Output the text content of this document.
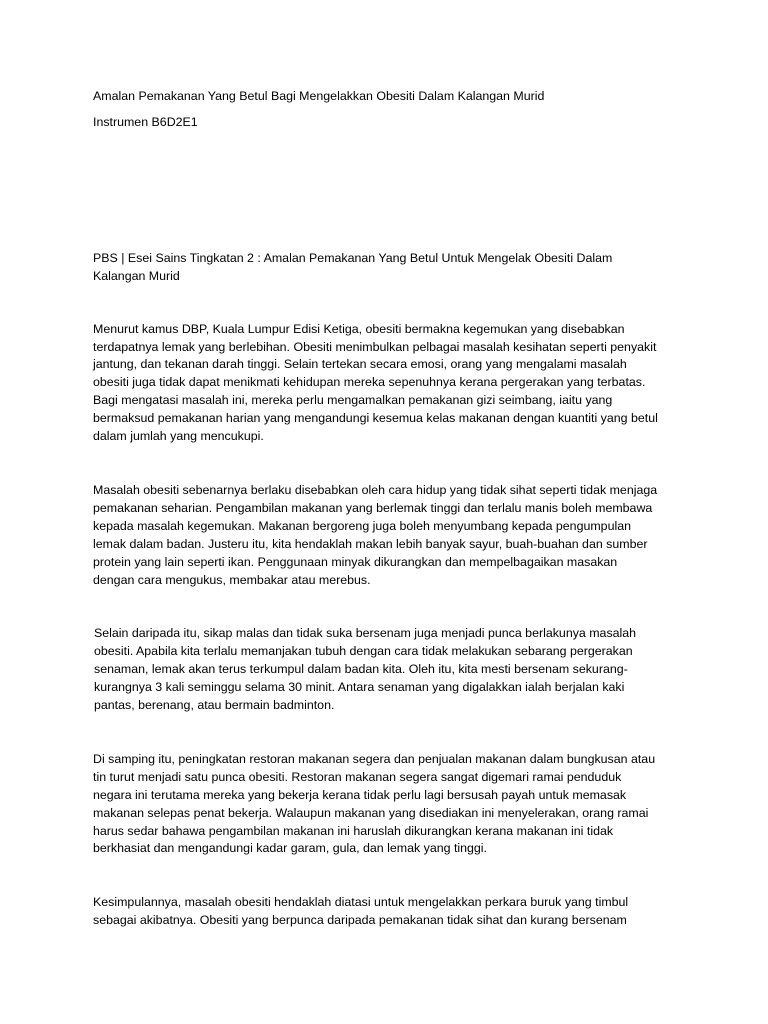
Amalan Pemakanan Yang Betul Bagi Mengelakkan Obesiti Dalam Kalangan Murid

Instrumen B6D2E1

PBS | Esei Sains Tingkatan 2 : Amalan Pemakanan Yang Betul Untuk Mengelak Obesiti Dalam Kalangan Murid

Menurut kamus DBP, Kuala Lumpur Edisi Ketiga, obesiti bermakna kegemukan yang disebabkan terdapatnya lemak yang berlebihan. Obesiti menimbulkan pelbagai masalah kesihatan seperti penyakit jantung, dan tekanan darah tinggi. Selain tertekan secara emosi, orang yang mengalami masalah obesiti juga tidak dapat menikmati kehidupan mereka sepenuhnya kerana pergerakan yang terbatas. Bagi mengatasi masalah ini, mereka perlu mengamalkan pemakanan gizi seimbang, iaitu yang bermaksud pemakanan harian yang mengandungi kesemua kelas makanan dengan kuantiti yang betul dalam jumlah yang mencukupi.

Masalah obesiti sebenarnya berlaku disebabkan oleh cara hidup yang tidak sihat seperti tidak menjaga pemakanan seharian. Pengambilan makanan yang berlemak tinggi dan terlalu manis boleh membawa kepada masalah kegemukan. Makanan bergoreng juga boleh menyumbang kepada pengumpulan lemak dalam badan. Justeru itu, kita hendaklah makan lebih banyak sayur, buah-buahan dan sumber protein yang lain seperti ikan. Penggunaan minyak dikurangkan dan mempelbagaikan masakan dengan cara mengukus, membakar atau merebus.

Selain daripada itu, sikap malas dan tidak suka bersenam juga menjadi punca berlakunya masalah obesiti. Apabila kita terlalu memanjakan tubuh dengan cara tidak melakukan sebarang pergerakan senaman, lemak akan terus terkumpul dalam badan kita. Oleh itu, kita mesti bersenam sekurang-kurangnya 3 kali seminggu selama 30 minit. Antara senaman yang digalakkan ialah berjalan kaki pantas, berenang, atau bermain badminton.

Di samping itu, peningkatan restoran makanan segera dan penjualan makanan dalam bungkusan atau tin turut menjadi satu punca obesiti. Restoran makanan segera sangat digemari ramai penduduk negara ini terutama mereka yang bekerja kerana tidak perlu lagi bersusah payah untuk memasak makanan selepas penat bekerja. Walaupun makanan yang disediakan ini menyelerakan, orang ramai harus sedar bahawa pengambilan makanan ini haruslah dikurangkan kerana makanan ini tidak berkhasiat dan mengandungi kadar garam, gula, dan lemak yang tinggi.

Kesimpulannya, masalah obesiti hendaklah diatasi untuk mengelakkan perkara buruk yang timbul sebagai akibatnya. Obesiti yang berpunca daripada pemakanan tidak sihat dan kurang bersenam
